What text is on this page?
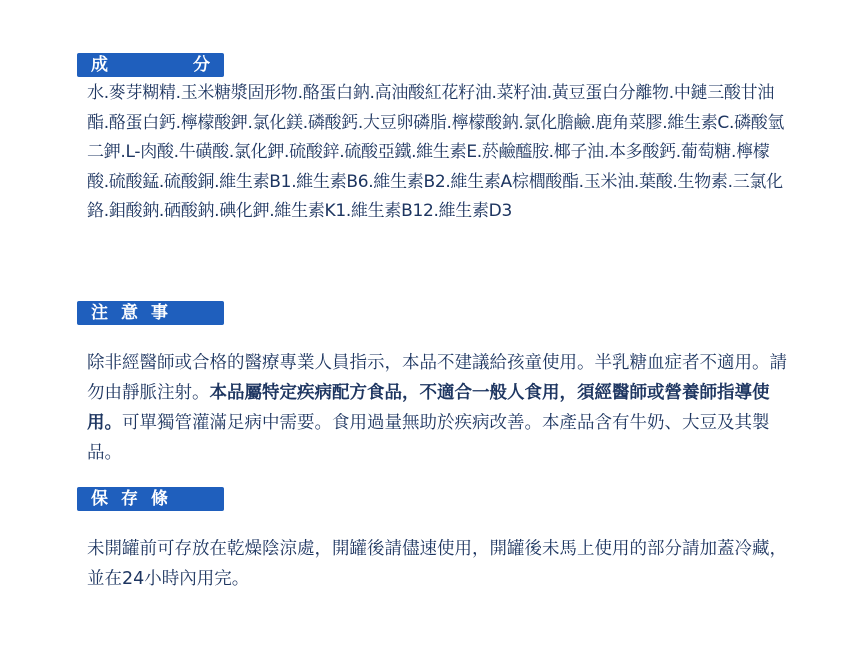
成	分
水.麥芽糊精.玉米糖漿固形物.酪蛋白鈉.高油酸紅花籽油.菜籽油.黃豆蛋白分離物.中鏈三酸甘油酯.酪蛋白鈣.檸檬酸鉀.氯化鎂.磷酸鈣.大豆卵磷脂.檸檬酸鈉.氯化膽鹼.鹿角菜膠.維生素C.磷酸氫二鉀.L-肉酸.牛磺酸.氯化鉀.硫酸鋅.硫酸亞鐵.維生素E.菸鹼醯胺.椰子油.本多酸鈣.葡萄糖.檸檬酸.硫酸錳.硫酸銅.維生素B1.維生素B6.維生素B2.維生素A棕櫚酸酯.玉米油.葉酸.生物素.三氯化鉻.鉬酸鈉.硒酸鈉.碘化鉀.維生素K1.維生素B12.維生素D3
注意事項
除非經醫師或合格的醫療專業人員指示，本品不建議給孩童使用。半乳糖血症者不適用。請勿由靜脈注射。本品屬特定疾病配方食品，不適合一般人食用，須經醫師或營養師指導使用。可單獨管灌滿足病中需要。食用過量無助於疾病改善。本產品含有牛奶、大豆及其製品。
保存條件
未開罐前可存放在乾燥陰涼處，開罐後請儘速使用，開罐後未馬上使用的部分請加蓋冷藏，並在24小時內用完。
